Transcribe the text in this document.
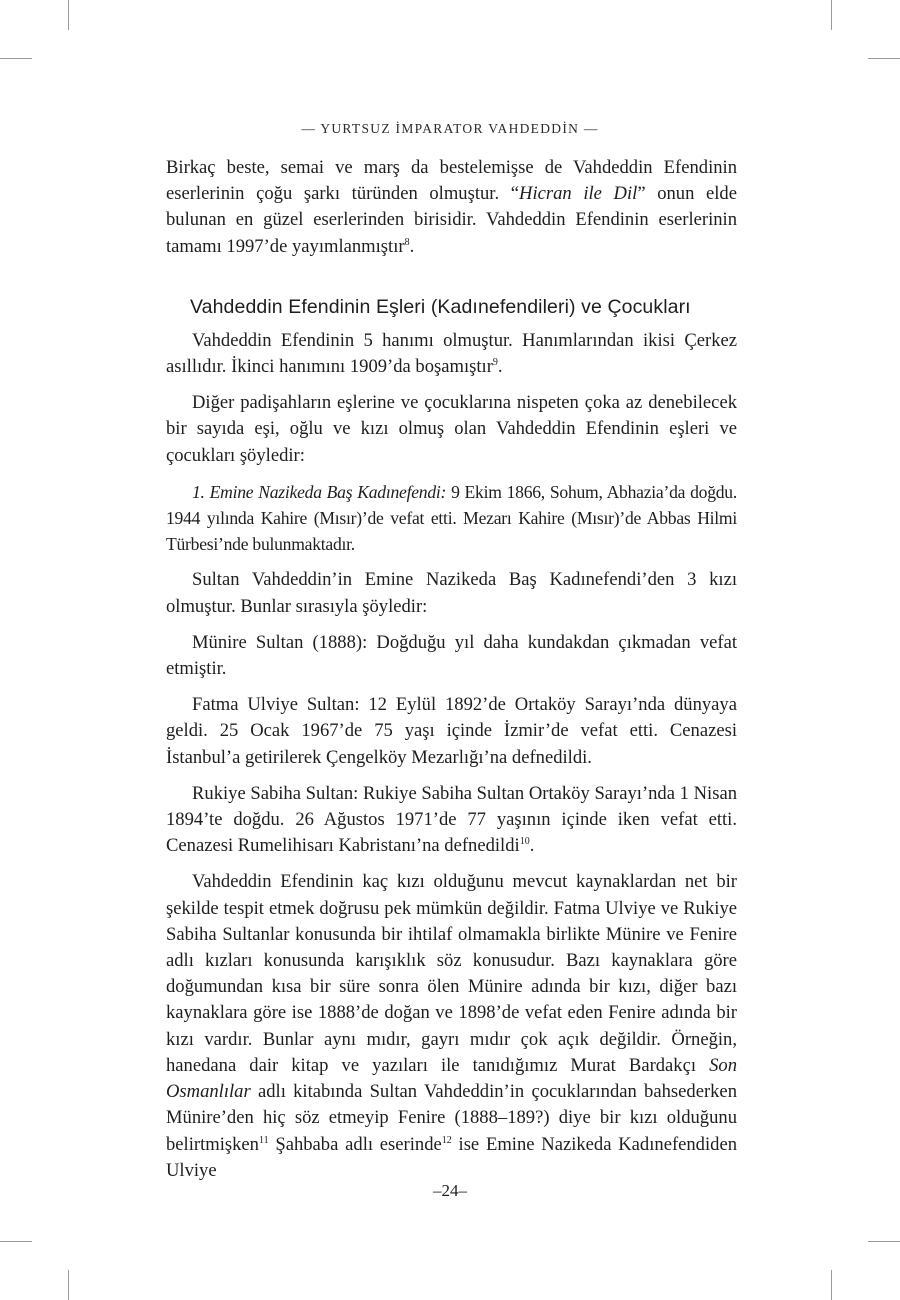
— YURTSUZ İMPARATOR VAHDEDDİN —

Birkaç beste, semai ve marş da bestelemişse de Vahdeddin Efendinin eserlerinin çoğu şarkı türünden olmuştur. “Hicran ile Dil” onun elde bulunan en güzel eserlerinden birisidir. Vahdeddin Efendinin eserlerinin tamamı 1997’de yayımlanmıştır$^8$.

Vahdeddin Efendinin Eşleri (Kadınefendileri) ve Çocukları

Vahdeddin Efendinin 5 hanımı olmuştur. Hanımlarından ikisi Çerkez asıllıdır. İkinci hanımını 1909’da boşamıştır$^9$.

Diğer padişahların eşlerine ve çocuklarına nispeten çoka az denebilecek bir sayıda eşi, oğlu ve kızı olmuş olan Vahdeddin Efendinin eşleri ve çocukları şöyledir:

1. Emine Nazikeda Baş Kadınefendi: 9 Ekim 1866, Sohum, Abhazia’da doğdu. 1944 yılında Kahire (Mısır)’de vefat etti. Mezarı Kahire (Mısır)’de Abbas Hilmi Türbesi’nde bulunmaktadır.

Sultan Vahdeddin’in Emine Nazikeda Baş Kadınefendi’den 3 kızı olmuştur. Bunlar sırasıyla şöyledir:

Münire Sultan (1888): Doğduğu yıl daha kundakdan çıkmadan vefat etmiştir.

Fatma Ulviye Sultan: 12 Eylül 1892’de Ortaköy Sarayı’nda dünyaya geldi. 25 Ocak 1967’de 75 yaşı içinde İzmir’de vefat etti. Cenazesi İstanbul’a getirilerek Çengelköy Mezarlığı’na defnedildi.

Rukiye Sabiha Sultan: Rukiye Sabiha Sultan Ortaköy Sarayı’nda 1 Nisan 1894’te doğdu. 26 Ağustos 1971’de 77 yaşının içinde iken vefat etti. Cenazesi Rumelihisarı Kabristanı’na defnedildi$^{10}$.

Vahdeddin Efendinin kaç kızı olduğunu mevcut kaynaklardan net bir şekilde tespit etmek doğrusu pek mümkün değildir. Fatma Ulviye ve Rukiye Sabiha Sultanlar konusunda bir ihtilaf olmamakla birlikte Münire ve Fenire adlı kızları konusunda karışıklık söz konusudur. Bazı kaynaklara göre doğumundan kısa bir süre sonra ölen Münire adında bir kızı, diğer bazı kaynaklara göre ise 1888’de doğan ve 1898’de vefat eden Fenire adında bir kızı vardır. Bunlar aynı mıdır, gayrı mıdır çok açık değildir. Örneğin, hanedana dair kitap ve yazıları ile tanıdığımız Murat Bardakçı Son Osmanlılar adlı kitabında Sultan Vahdeddin’in çocuklarından bahsederken Münire’den hiç söz etmeyip Fenire (1888–189?) diye bir kızı olduğunu belirtmişken$^{11}$ Şahbaba adlı eserinde$^{12}$ ise Emine Nazikeda Kadınefendiden Ulviye

–24–
